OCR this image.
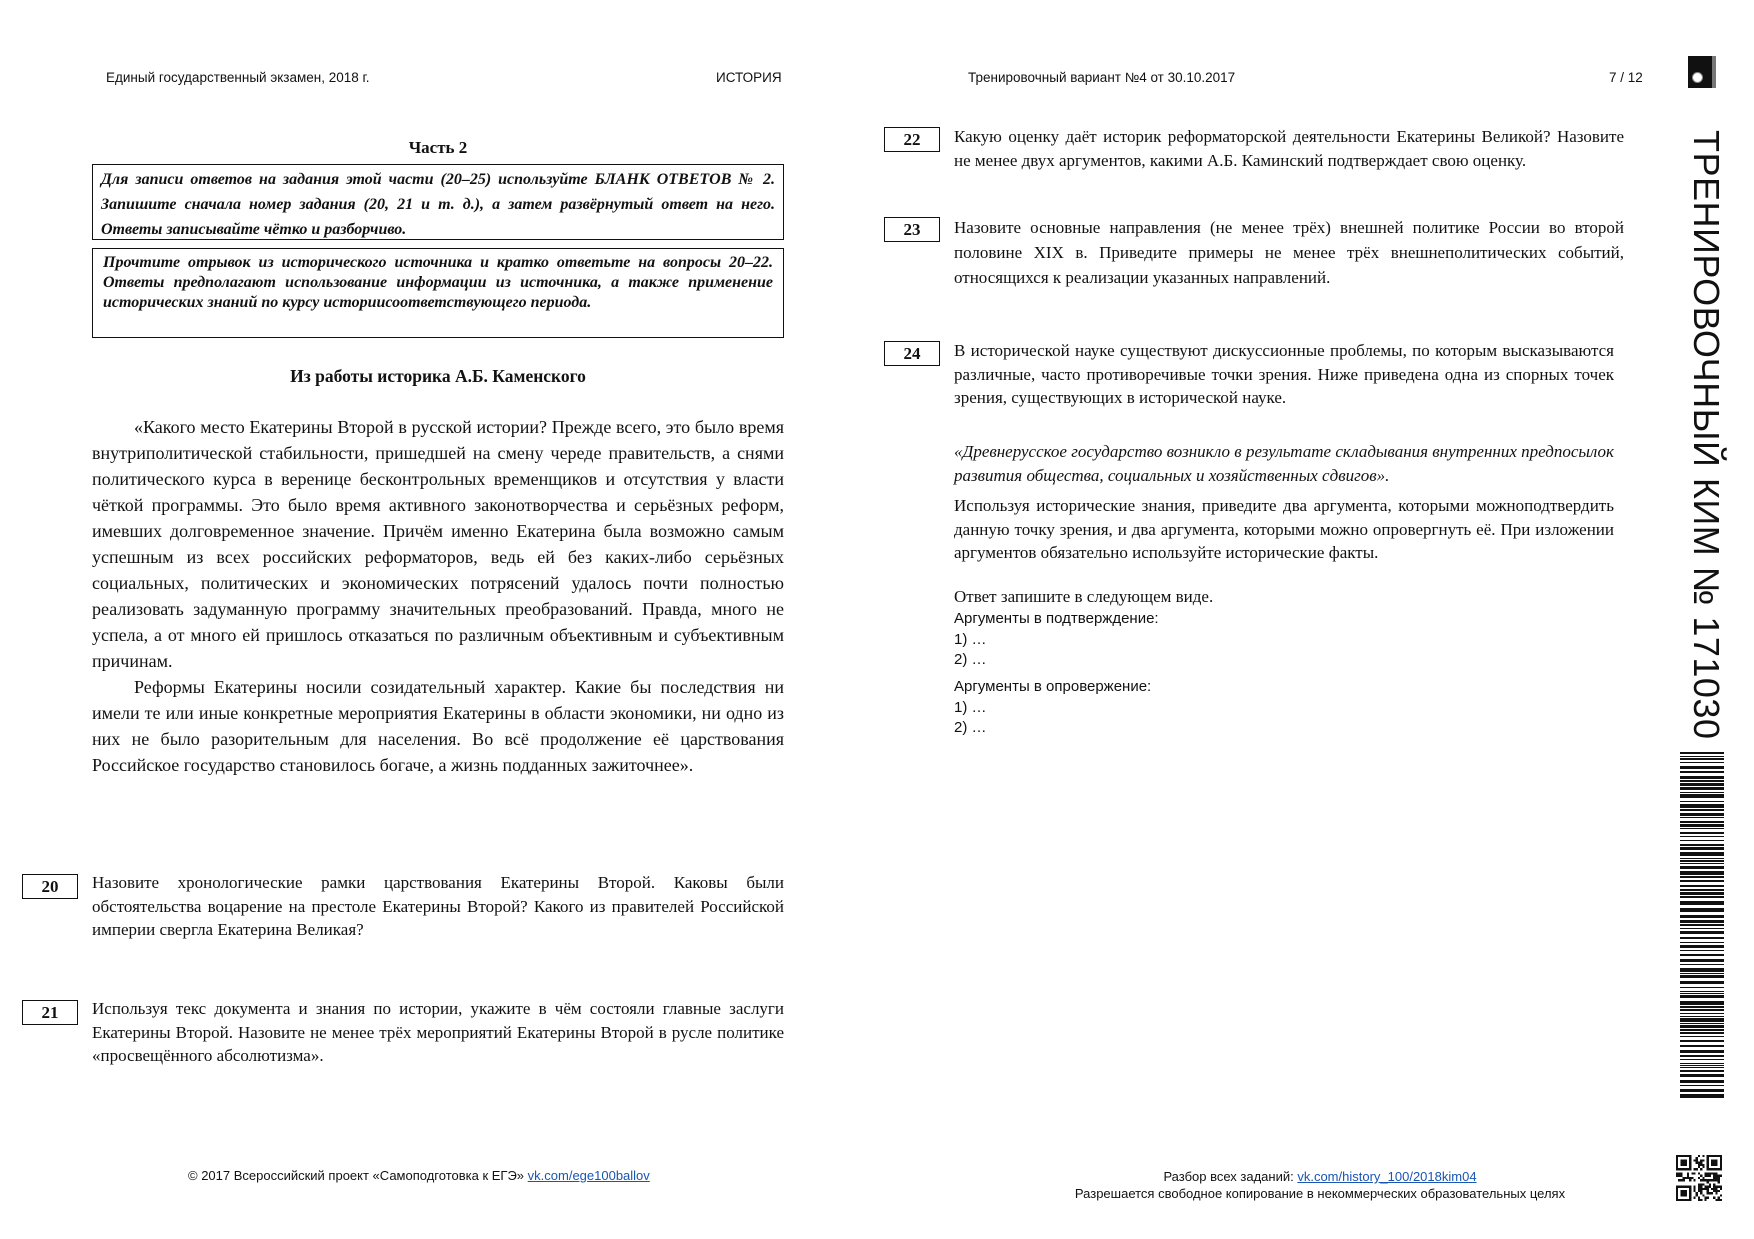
Единый государственный экзамен, 2018 г.	ИСТОРИЯ	Тренировочный вариант №4 от 30.10.2017	7 / 12
ТРЕНИРОВОЧНЫЙ КИМ № 171030
Часть 2
Для записи ответов на задания этой части (20–25) используйте БЛАНК ОТВЕТОВ № 2. Запишите сначала номер задания (20, 21 и т. д.), а затем развёрнутый ответ на него. Ответы записывайте чётко и разборчиво.
Прочтите отрывок из исторического источника и кратко ответьте на вопросы 20–22. Ответы предполагают использование информации из источника, а также применение исторических знаний по курсу историисоответствующего периода.
Из работы историка А.Б. Каменского

«Какого место Екатерины Второй в русской истории? Прежде всего, это было время внутриполитической стабильности, пришедшей на смену череде правительств, а снями политического курса в веренице бесконтрольных временщиков и отсутствия у власти чёткой программы. Это было время активного законотворчества и серьёзных реформ, имевших долговременное значение. Причём именно Екатерина была возможно самым успешным из всех российских реформаторов, ведь ей без каких-либо серьёзных социальных, политических и экономических потрясений удалось почти полностью реализовать задуманную программу значительных преобразований. Правда, много не успела, а от много ей пришлось отказаться по различным объективным и субъективным причинам.

Реформы Екатерины носили созидательный характер. Какие бы последствия ни имели те или иные конкретные мероприятия Екатерины в области экономики, ни одно из них не было разорительным для населения. Во всё продолжение её царствования Российское государство становилось богаче, а жизнь подданных зажиточнее».

20	Назовите хронологические рамки царствования Екатерины Второй. Каковы были обстоятельства воцарение на престоле Екатерины Второй? Какого из правителей Российской империи свергла Екатерина Великая?
21	Используя текс документа и знания по истории, укажите в чём состояли главные заслуги Екатерины Второй. Назовите не менее трёх мероприятий Екатерины Второй в русле политике «просвещённого абсолютизма».
22	Какую оценку даёт историк реформаторской деятельности Екатерины Великой? Назовите не менее двух аргументов, какими А.Б. Каминский подтверждает свою оценку.
23	Назовите основные направления (не менее трёх) внешней политике России во второй половине XIX в. Приведите примеры не менее трёх внешнеполитических событий, относящихся к реализации указанных направлений.
24	В исторической науке существуют дискуссионные проблемы, по которым высказываются различные, часто противоречивые точки зрения. Ниже приведена одна из спорных точек зрения, существующих в исторической науке.
«Древнерусское государство возникло в результате складывания внутренних предпосылок развития общества, социальных и хозяйственных сдвигов».
Используя исторические знания, приведите два аргумента, которыми можноподтвердить данную точку зрения, и два аргумента, которыми можно опровергнуть её. При изложении аргументов обязательно используйте исторические факты.
Ответ запишите в следующем виде.
Аргументы в подтверждение:
1) …
2) …
Аргументы в опровержение:
1) …
2) …
© 2017 Всероссийский проект «Самоподготовка к ЕГЭ» vk.com/ege100ballov	Разбор всех заданий: vk.com/history_100/2018kim04
Разрешается свободное копирование в некоммерческих образовательных целях
